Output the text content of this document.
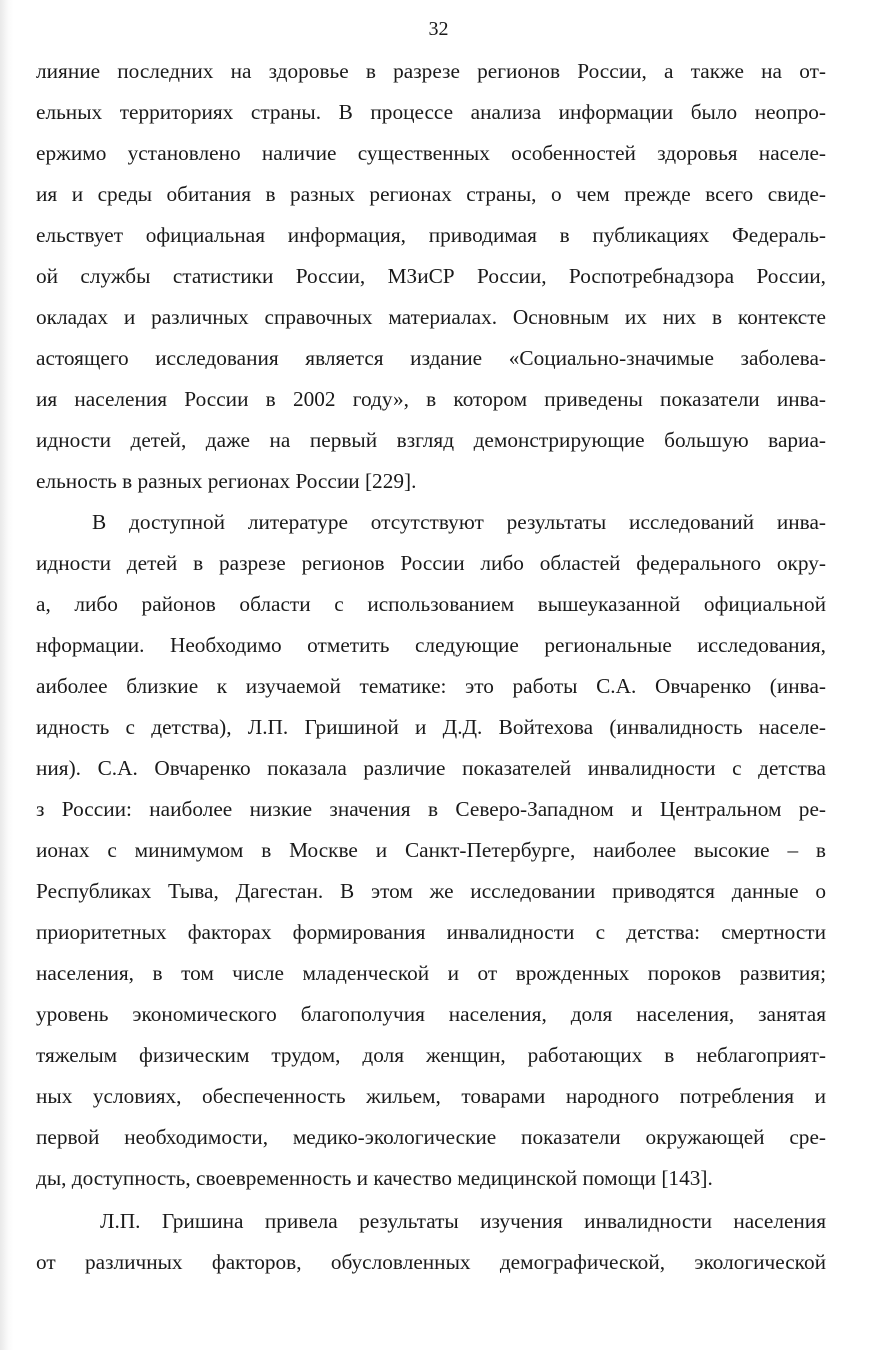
32
лияние последних на здоровье в разрезе регионов России, а также на от-
ельных территориях страны. В процессе анализа информации было неопро-
ержимо установлено наличие существенных особенностей здоровья населе-
ия и среды обитания в разных регионах страны, о чем прежде всего свиде-
ельствует официальная информация, приводимая в публикациях Федераль-
ой службы статистики России, МЗиСР России, Роспотребнадзора России,
окладах и различных справочных материалах. Основным их них в контексте
астоящего исследования является издание «Социально-значимые заболева-
ия населения России в 2002 году», в котором приведены показатели инва-
идности детей, даже на первый взгляд демонстрирующие большую вариа-
ельность в разных регионах России [229].
В доступной литературе отсутствуют результаты исследований инва-
идности детей в разрезе регионов России либо областей федерального окру-
а, либо районов области с использованием вышеуказанной официальной
нформации. Необходимо отметить следующие региональные исследования,
аиболее близкие к изучаемой тематике: это работы С.А. Овчаренко (инва-
идность с детства), Л.П. Гришиной и Д.Д. Войтехова (инвалидность населе-
ния). С.А. Овчаренко показала различие показателей инвалидности с детства
з России: наиболее низкие значения в Северо-Западном и Центральном ре-
ионах с минимумом в Москве и Санкт-Петербурге, наиболее высокие – в
Республиках Тыва, Дагестан. В этом же исследовании приводятся данные о
приоритетных факторах формирования инвалидности с детства: смертности
населения, в том числе младенческой и от врожденных пороков развития;
уровень экономического благополучия населения, доля населения, занятая
тяжелым физическим трудом, доля женщин, работающих в неблагоприят-
ных условиях, обеспеченность жильем, товарами народного потребления и
первой необходимости, медико-экологические показатели окружающей сре-
ды, доступность, своевременность и качество медицинской помощи [143].
Л.П. Гришина привела результаты изучения инвалидности населения
от различных факторов, обусловленных демографической, экологической
